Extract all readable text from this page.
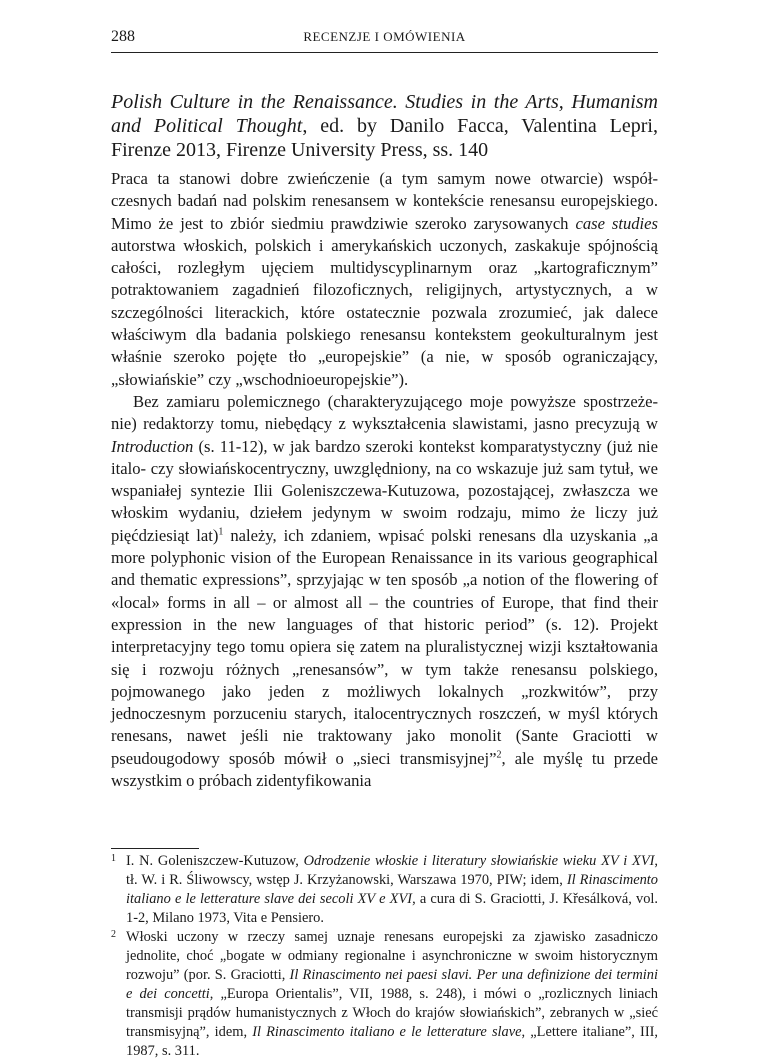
288	RECENZJE I OMÓWIENIA
Polish Culture in the Renaissance. Studies in the Arts, Humanism and Political Thought, ed. by Danilo Facca, Valentina Lepri, Firenze 2013, Firenze University Press, ss. 140

Praca ta stanowi dobre zwieńczenie (a tym samym nowe otwarcie) współczesnych badań nad polskim renesansem w kontekście renesansu europejskiego. Mimo że jest to zbiór siedmiu prawdziwie szeroko zarysowanych case studies autorstwa włoskich, polskich i amerykańskich uczonych, zaskakuje spójnością całości, rozległym ujęciem multidyscyplinarnym oraz „kartograficznym” potraktowaniem zagadnień filozoficznych, religijnych, artystycznych, a w szczególności literackich, które ostatecznie pozwala zrozumieć, jak dalece właściwym dla badania polskiego renesansu kontekstem geokulturalnym jest właśnie szeroko pojęte tło „europejskie” (a nie, w sposób ograniczający, „słowiańskie” czy „wschodnioeuropejskie”).

Bez zamiaru polemicznego (charakteryzującego moje powyższe spostrzeżenie) redaktorzy tomu, niebędący z wykształcenia slawistami, jasno precyzują w Introduction (s. 11-12), w jak bardzo szeroki kontekst komparatystyczny (już nie italo- czy słowiańskocentryczny, uwzględniony, na co wskazuje już sam tytuł, we wspaniałej syntezie Ilii Goleniszczewa-Kutuzowa, pozostającej, zwłaszcza we włoskim wydaniu, dziełem jedynym w swoim rodzaju, mimo że liczy już pięćdziesiąt lat)$^1$ należy, ich zdaniem, wpisać polski renesans dla uzyskania „a more polyphonic vision of the European Renaissance in its various geographical and thematic expressions”, sprzyjając w ten sposób „a notion of the flowering of «local» forms in all – or almost all – the countries of Europe, that find their expression in the new languages of that historic period” (s. 12). Projekt interpretacyjny tego tomu opiera się zatem na pluralistycznej wizji kształtowania się i rozwoju różnych „renesansów”, w tym także renesansu polskiego, pojmowanego jako jeden z możliwych lokalnych „rozkwitów”, przy jednoczesnym porzuceniu starych, italocentrycznych roszczeń, w myśl których renesans, nawet jeśli nie traktowany jako monolit (Sante Graciotti w pseudougodowy sposób mówił o „sieci transmisyjnej”$^2$, ale myślę tu przede wszystkim o próbach zidentyfikowania

1 I. N. Goleniszczew-Kutuzow, Odrodzenie włoskie i literatury słowiańskie wieku XV i XVI, tł. W. i R. Śliwowscy, wstęp J. Krzyżanowski, Warszawa 1970, PIW; idem, Il Rinascimento italiano e le letterature slave dei secoli XV e XVI, a cura di S. Graciotti, J. Křesálková, vol. 1-2, Milano 1973, Vita e Pensiero.

2 Włoski uczony w rzeczy samej uznaje renesans europejski za zjawisko zasadniczo jednolite, choć „bogate w odmiany regionalne i asynchroniczne w swoim historycznym rozwoju” (por. S. Graciotti, Il Rinascimento nei paesi slavi. Per una definizione dei termini e dei concetti, „Europa Orientalis”, VII, 1988, s. 248), i mówi o „rozlicznych liniach transmisji prądów humanistycznych z Włoch do krajów słowiańskich”, zebranych w „sieć transmisyjną”, idem, Il Rinascimento italiano e le letterature slave, „Lettere italiane”, III, 1987, s. 311.
